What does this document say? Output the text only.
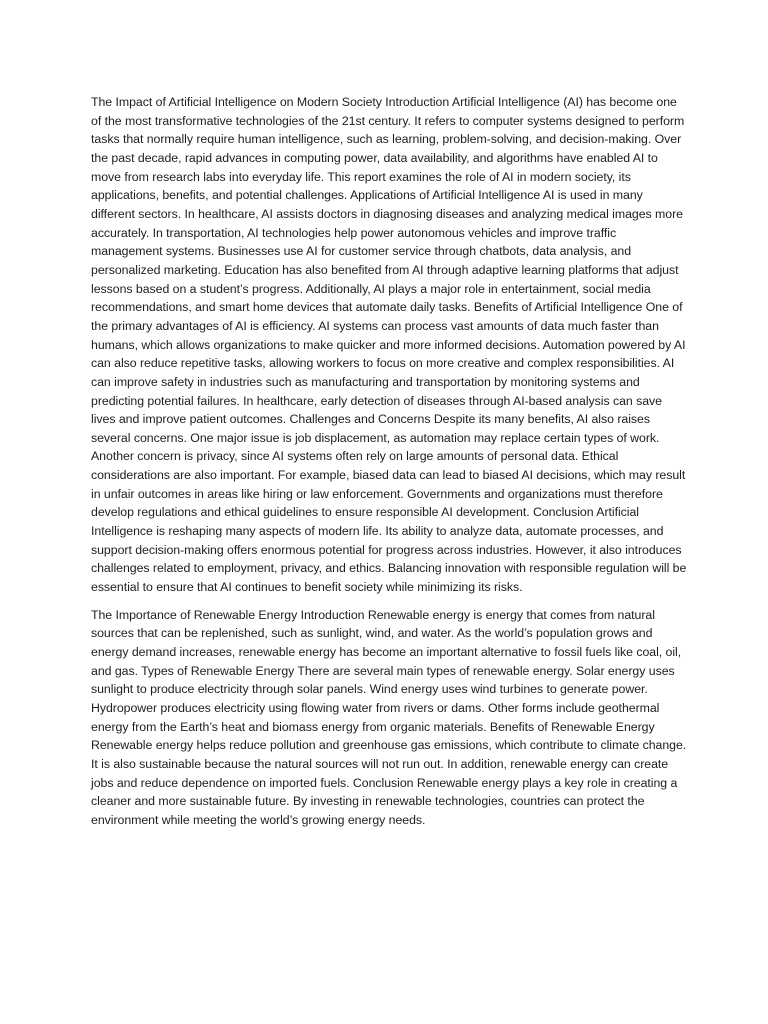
The Impact of Artificial Intelligence on Modern Society Introduction Artificial Intelligence (AI) has become one of the most transformative technologies of the 21st century. It refers to computer systems designed to perform tasks that normally require human intelligence, such as learning, problem-solving, and decision-making. Over the past decade, rapid advances in computing power, data availability, and algorithms have enabled AI to move from research labs into everyday life. This report examines the role of AI in modern society, its applications, benefits, and potential challenges. Applications of Artificial Intelligence AI is used in many different sectors. In healthcare, AI assists doctors in diagnosing diseases and analyzing medical images more accurately. In transportation, AI technologies help power autonomous vehicles and improve traffic management systems. Businesses use AI for customer service through chatbots, data analysis, and personalized marketing. Education has also benefited from AI through adaptive learning platforms that adjust lessons based on a student’s progress. Additionally, AI plays a major role in entertainment, social media recommendations, and smart home devices that automate daily tasks. Benefits of Artificial Intelligence One of the primary advantages of AI is efficiency. AI systems can process vast amounts of data much faster than humans, which allows organizations to make quicker and more informed decisions. Automation powered by AI can also reduce repetitive tasks, allowing workers to focus on more creative and complex responsibilities. AI can improve safety in industries such as manufacturing and transportation by monitoring systems and predicting potential failures. In healthcare, early detection of diseases through AI-based analysis can save lives and improve patient outcomes. Challenges and Concerns Despite its many benefits, AI also raises several concerns. One major issue is job displacement, as automation may replace certain types of work. Another concern is privacy, since AI systems often rely on large amounts of personal data. Ethical considerations are also important. For example, biased data can lead to biased AI decisions, which may result in unfair outcomes in areas like hiring or law enforcement. Governments and organizations must therefore develop regulations and ethical guidelines to ensure responsible AI development. Conclusion Artificial Intelligence is reshaping many aspects of modern life. Its ability to analyze data, automate processes, and support decision-making offers enormous potential for progress across industries. However, it also introduces challenges related to employment, privacy, and ethics. Balancing innovation with responsible regulation will be essential to ensure that AI continues to benefit society while minimizing its risks.

The Importance of Renewable Energy Introduction Renewable energy is energy that comes from natural sources that can be replenished, such as sunlight, wind, and water. As the world’s population grows and energy demand increases, renewable energy has become an important alternative to fossil fuels like coal, oil, and gas. Types of Renewable Energy There are several main types of renewable energy. Solar energy uses sunlight to produce electricity through solar panels. Wind energy uses wind turbines to generate power. Hydropower produces electricity using flowing water from rivers or dams. Other forms include geothermal energy from the Earth’s heat and biomass energy from organic materials. Benefits of Renewable Energy Renewable energy helps reduce pollution and greenhouse gas emissions, which contribute to climate change. It is also sustainable because the natural sources will not run out. In addition, renewable energy can create jobs and reduce dependence on imported fuels. Conclusion Renewable energy plays a key role in creating a cleaner and more sustainable future. By investing in renewable technologies, countries can protect the environment while meeting the world’s growing energy needs.
